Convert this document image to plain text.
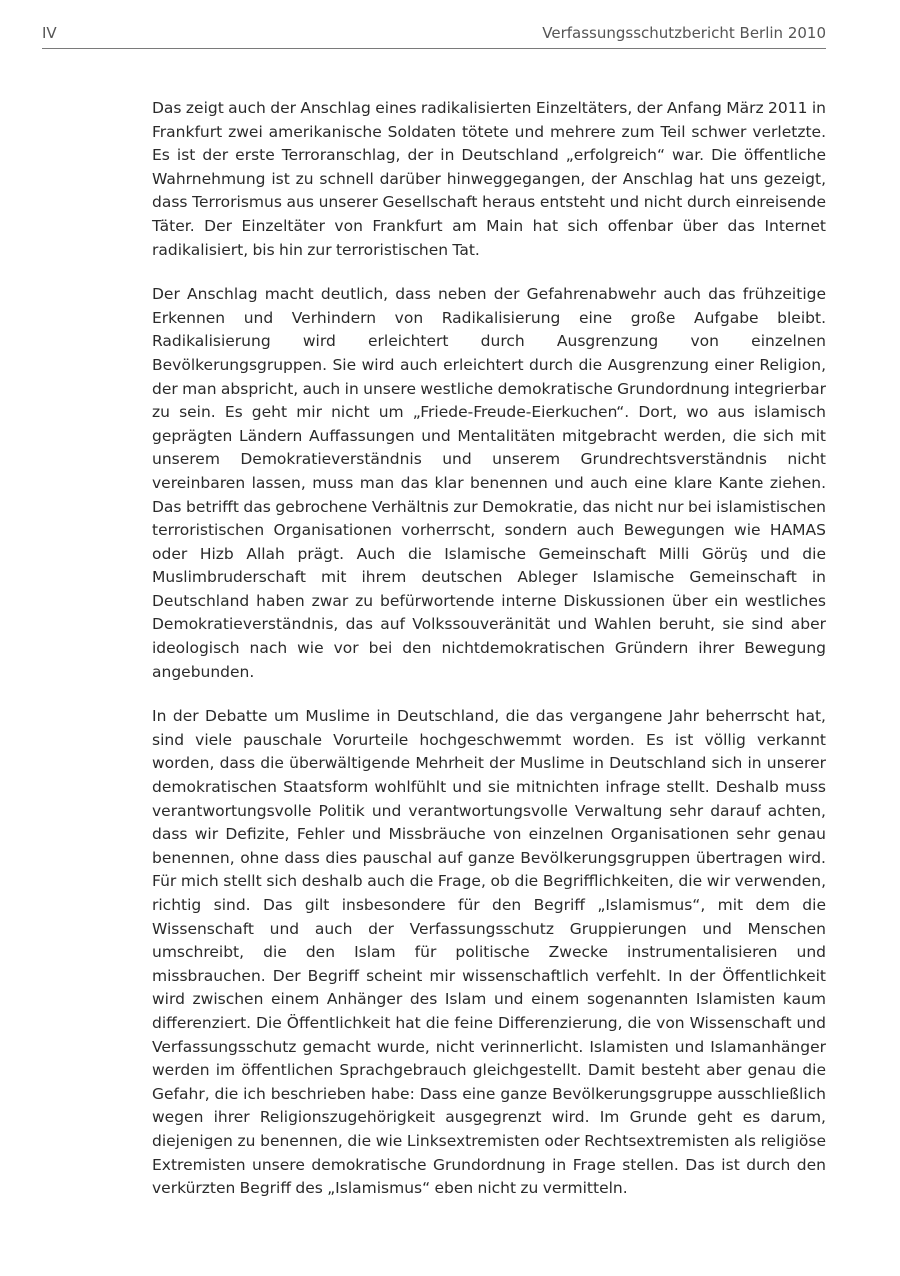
IV	Verfassungsschutzbericht Berlin 2010

Das zeigt auch der Anschlag eines radikalisierten Einzeltäters, der Anfang März 2011 in Frankfurt zwei amerikanische Soldaten tötete und mehrere zum Teil schwer verletzte. Es ist der erste Terroranschlag, der in Deutschland „erfolgreich“ war. Die öffentliche Wahrnehmung ist zu schnell darüber hinweggegangen, der Anschlag hat uns gezeigt, dass Terrorismus aus unserer Gesellschaft heraus entsteht und nicht durch einreisende Täter. Der Einzeltäter von Frankfurt am Main hat sich offenbar über das Internet radikalisiert, bis hin zur terroristischen Tat.

Der Anschlag macht deutlich, dass neben der Gefahrenabwehr auch das frühzeitige Erkennen und Verhindern von Radikalisierung eine große Aufgabe bleibt. Radikalisierung wird erleichtert durch Ausgrenzung von einzelnen Bevölkerungsgruppen. Sie wird auch erleichtert durch die Ausgrenzung einer Religion, der man abspricht, auch in unsere westliche demokratische Grundordnung integrierbar zu sein. Es geht mir nicht um „Friede-Freude-Eierkuchen“. Dort, wo aus islamisch geprägten Ländern Auffassungen und Mentalitäten mitgebracht werden, die sich mit unserem Demokratieverständnis und unserem Grundrechtsverständnis nicht vereinbaren lassen, muss man das klar benennen und auch eine klare Kante ziehen. Das betrifft das gebrochene Verhältnis zur Demokratie, das nicht nur bei islamistischen terroristischen Organisationen vorherrscht, sondern auch Bewegungen wie HAMAS oder Hizb Allah prägt. Auch die Islamische Gemeinschaft Milli Görüş und die Muslimbruderschaft mit ihrem deutschen Ableger Islamische Gemeinschaft in Deutschland haben zwar zu befürwortende interne Diskussionen über ein westliches Demokratieverständnis, das auf Volkssouveränität und Wahlen beruht, sie sind aber ideologisch nach wie vor bei den nichtdemokratischen Gründern ihrer Bewegung angebunden.

In der Debatte um Muslime in Deutschland, die das vergangene Jahr beherrscht hat, sind viele pauschale Vorurteile hochgeschwemmt worden. Es ist völlig verkannt worden, dass die überwältigende Mehrheit der Muslime in Deutschland sich in unserer demokratischen Staatsform wohlfühlt und sie mitnichten infrage stellt. Deshalb muss verantwortungsvolle Politik und verantwortungsvolle Verwaltung sehr darauf achten, dass wir Defizite, Fehler und Missbräuche von einzelnen Organisationen sehr genau benennen, ohne dass dies pauschal auf ganze Bevölkerungsgruppen übertragen wird. Für mich stellt sich deshalb auch die Frage, ob die Begrifflichkeiten, die wir verwenden, richtig sind. Das gilt insbesondere für den Begriff „Islamismus“, mit dem die Wissenschaft und auch der Verfassungsschutz Gruppierungen und Menschen umschreibt, die den Islam für politische Zwecke instrumentalisieren und missbrauchen. Der Begriff scheint mir wissenschaftlich verfehlt. In der Öffentlichkeit wird zwischen einem Anhänger des Islam und einem sogenannten Islamisten kaum differenziert. Die Öffentlichkeit hat die feine Differenzierung, die von Wissenschaft und Verfassungsschutz gemacht wurde, nicht verinnerlicht. Islamisten und Islamanhänger werden im öffentlichen Sprachgebrauch gleichgestellt. Damit besteht aber genau die Gefahr, die ich beschrieben habe: Dass eine ganze Bevölkerungsgruppe ausschließlich wegen ihrer Religionszugehörigkeit ausgegrenzt wird. Im Grunde geht es darum, diejenigen zu benennen, die wie Linksextremisten oder Rechtsextremisten als religiöse Extremisten unsere demokratische Grundordnung in Frage stellen. Das ist durch den verkürzten Begriff des „Islamismus“ eben nicht zu vermitteln.
